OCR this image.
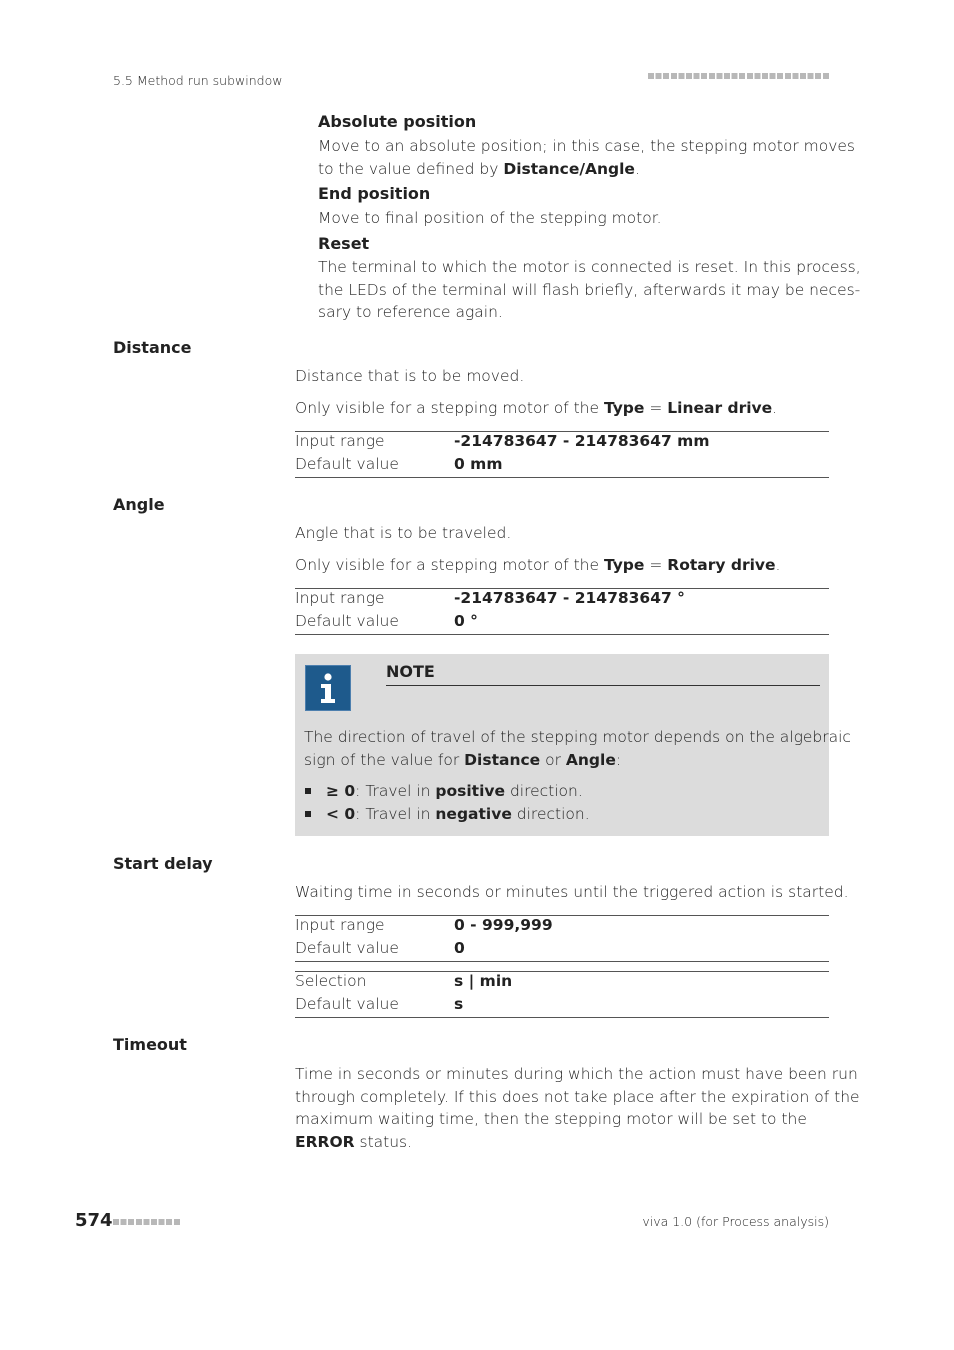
5.5 Method run subwindow
Absolute position
Move to an absolute position; in this case, the stepping motor moves
to the value defined by Distance/Angle.
End position
Move to final position of the stepping motor.
Reset
The terminal to which the motor is connected is reset. In this process,
the LEDs of the terminal will flash briefly, afterwards it may be neces-
sary to reference again.
Distance
Distance that is to be moved.
Only visible for a stepping motor of the Type = Linear drive.
Input range	-214783647 - 214783647 mm
Default value	0 mm
Angle
Angle that is to be traveled.
Only visible for a stepping motor of the Type = Rotary drive.
Input range	-214783647 - 214783647 °
Default value	0 °
NOTE
The direction of travel of the stepping motor depends on the algebraic
sign of the value for Distance or Angle:
≥ 0: Travel in positive direction.
< 0: Travel in negative direction.
Start delay
Waiting time in seconds or minutes until the triggered action is started.
Input range	0 - 999,999
Default value	0
Selection	s | min
Default value	s
Timeout
Time in seconds or minutes during which the action must have been run
through completely. If this does not take place after the expiration of the
maximum waiting time, then the stepping motor will be set to the
ERROR status.
574	viva 1.0 (for Process analysis)
